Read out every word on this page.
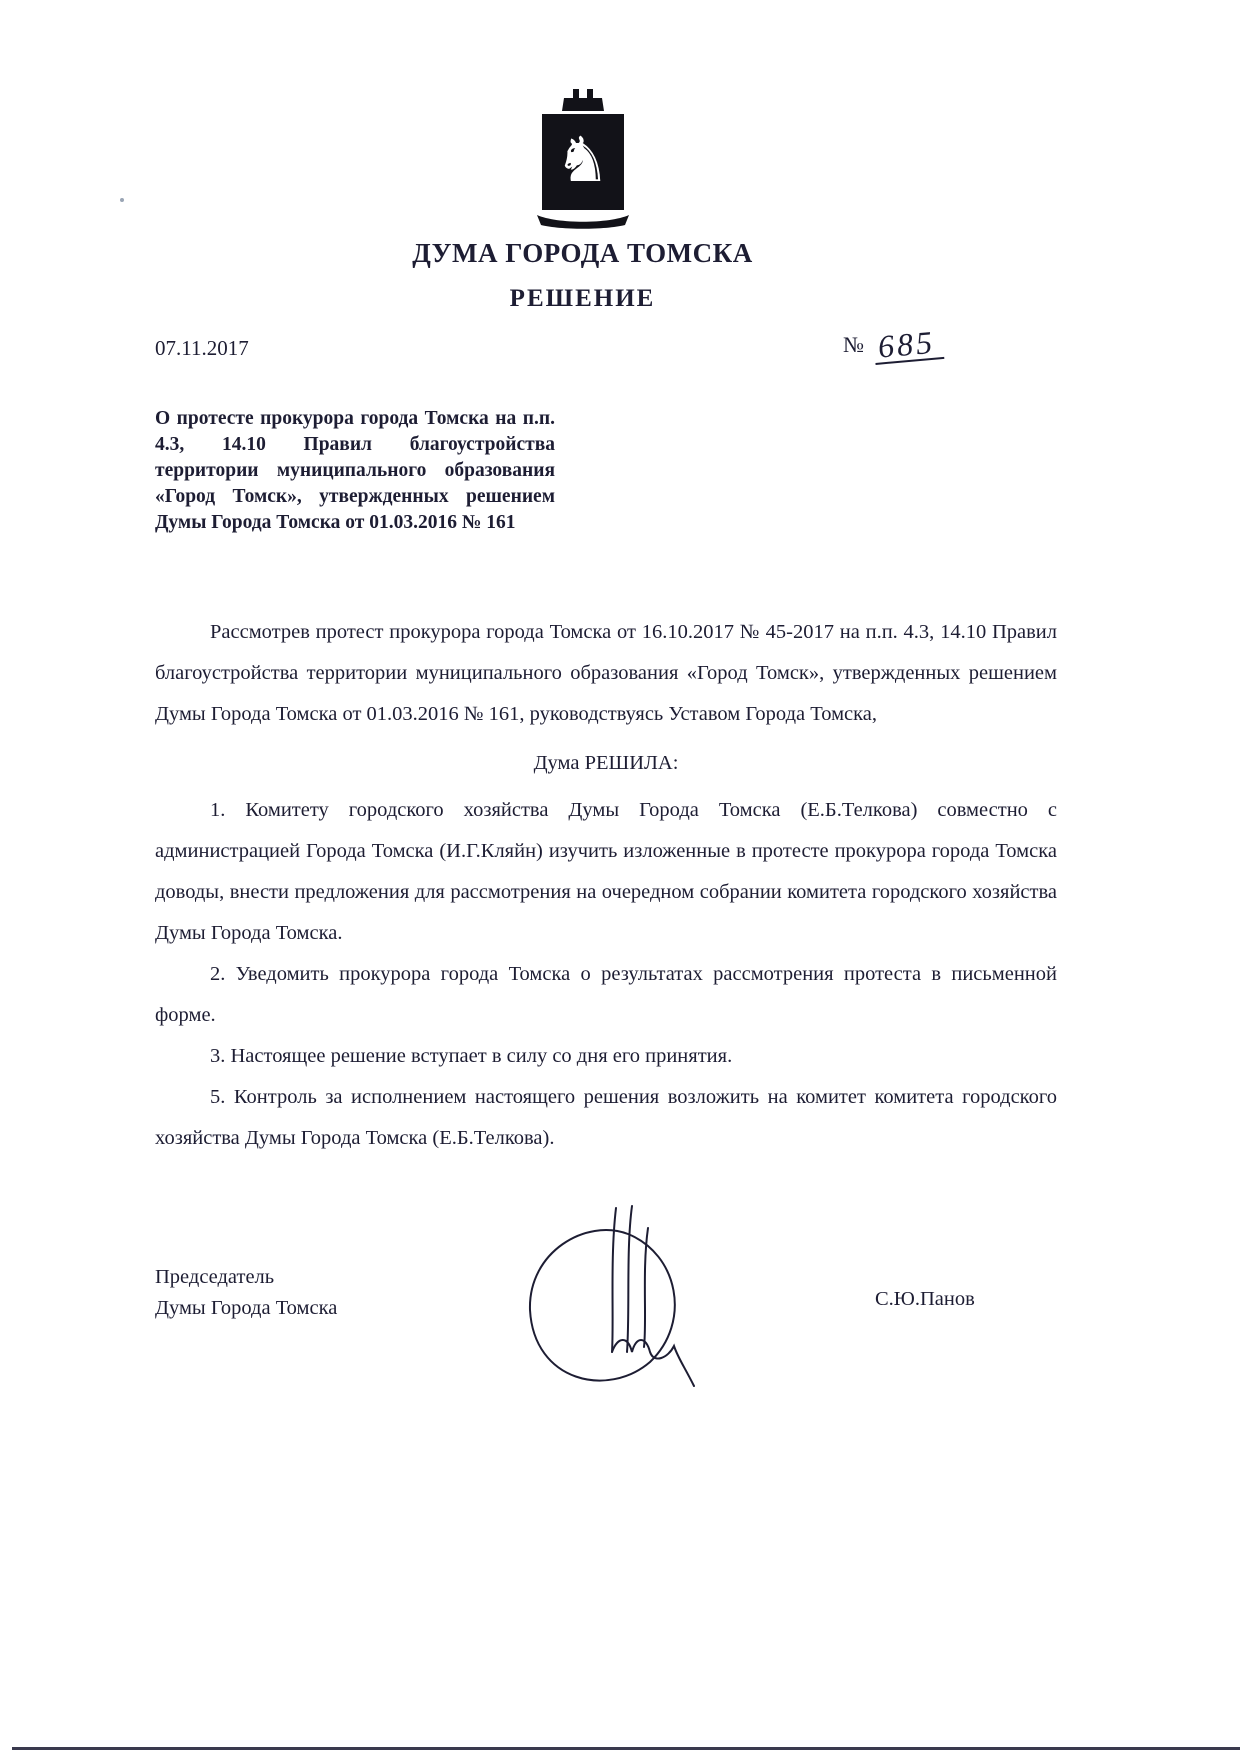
♞
ДУМА ГОРОДА ТОМСКА
РЕШЕНИЕ
07.11.2017	№ 685
О протесте прокурора города Томска на п.п. 4.3, 14.10 Правил благоустройства территории муниципального образования «Город Томск», утвержденных решением Думы Города Томска от 01.03.2016 № 161

Рассмотрев протест прокурора города Томска от 16.10.2017 № 45-2017 на п.п. 4.3, 14.10 Правил благоустройства территории муниципального образования «Город Томск», утвержденных решением Думы Города Томска от 01.03.2016 № 161, руководствуясь Уставом Города Томска,

Дума РЕШИЛА:

1. Комитету городского хозяйства Думы Города Томска (Е.Б.Телкова) совместно с администрацией Города Томска (И.Г.Кляйн) изучить изложенные в протесте прокурора города Томска доводы, внести предложения для рассмотрения на очередном собрании комитета городского хозяйства Думы Города Томска.

2. Уведомить прокурора города Томска о результатах рассмотрения протеста в письменной форме.

3. Настоящее решение вступает в силу со дня его принятия.

5. Контроль за исполнением настоящего решения возложить на комитет комитета городского хозяйства Думы Города Томска (Е.Б.Телкова).

Председатель
Думы Города Томска	С.Ю.Панов
